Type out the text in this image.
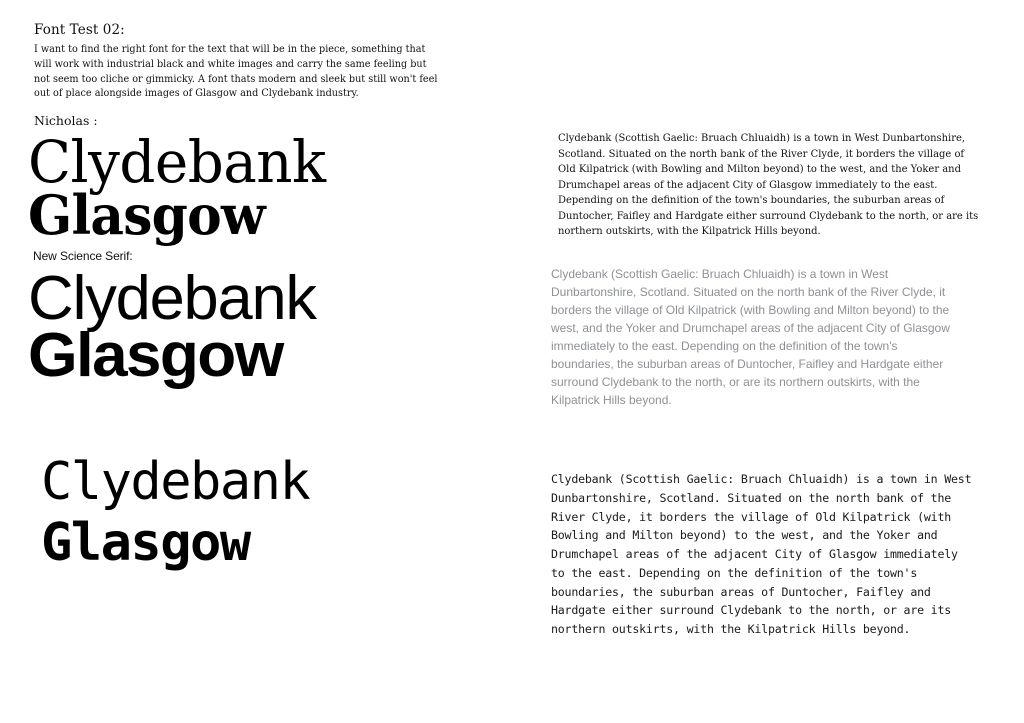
Font Test 02:

I want to find the right font for the text that will be in the piece, something that will work with industrial black and white images and carry the same feeling but not seem too cliche or gimmicky. A font thats modern and sleek but still won't feel out of place alongside images of Glasgow and Clydebank industry.

Nicholas :
Clydebank
Glasgow
New Science Serif:
Clydebank
Glasgow
Clydebank
Glasgow

Clydebank (Scottish Gaelic: Bruach Chluaidh) is a town in West Dunbartonshire, Scotland. Situated on the north bank of the River Clyde, it borders the village of Old Kilpatrick (with Bowling and Milton beyond) to the west, and the Yoker and Drumchapel areas of the adjacent City of Glasgow immediately to the east. Depending on the definition of the town's boundaries, the suburban areas of Duntocher, Faifley and Hardgate either surround Clydebank to the north, or are its northern outskirts, with the Kilpatrick Hills beyond.

Clydebank (Scottish Gaelic: Bruach Chluaidh) is a town in West Dunbartonshire, Scotland. Situated on the north bank of the River Clyde, it borders the village of Old Kilpatrick (with Bowling and Milton beyond) to the west, and the Yoker and Drumchapel areas of the adjacent City of Glasgow immediately to the east. Depending on the definition of the town's boundaries, the suburban areas of Duntocher, Faifley and Hardgate either surround Clydebank to the north, or are its northern outskirts, with the Kilpatrick Hills beyond.

Clydebank (Scottish Gaelic: Bruach Chluaidh) is a town in West Dunbartonshire, Scotland. Situated on the north bank of the River Clyde, it borders the village of Old Kilpatrick (with Bowling and Milton beyond) to the west, and the Yoker and Drumchapel areas of the adjacent City of Glasgow immediately to the east. Depending on the definition of the town's boundaries, the suburban areas of Duntocher, Faifley and Hardgate either surround Clydebank to the north, or are its northern outskirts, with the Kilpatrick Hills beyond.
